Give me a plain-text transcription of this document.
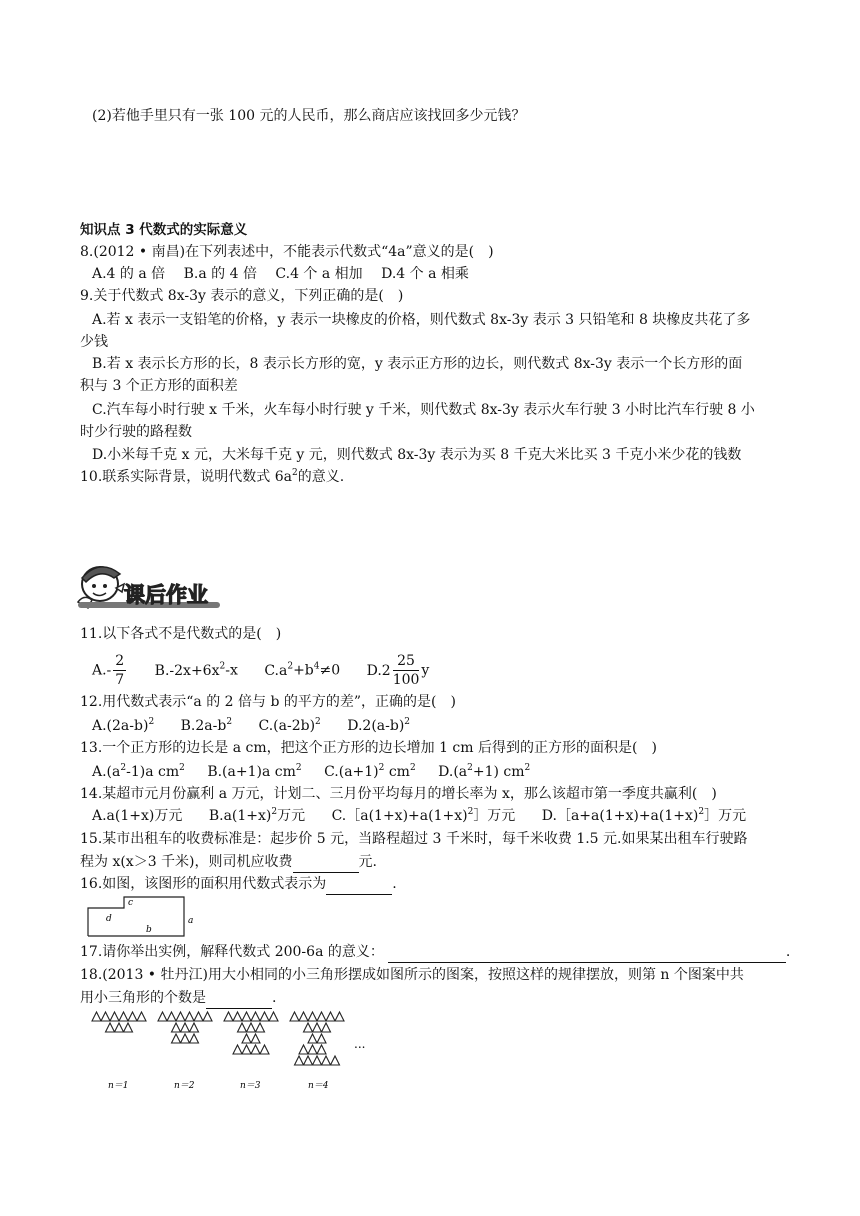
(2)若他手里只有一张 100 元的人民币，那么商店应该找回多少元钱？
知识点 3 代数式的实际意义
8.(2012 • 南昌)在下列表述中，不能表示代数式“4a”意义的是(　)
A.4 的 a 倍　 B.a 的 4 倍　 C.4 个 a 相加　 D.4 个 a 相乘
9.关于代数式 8x-3y 表示的意义，下列正确的是(　)
A.若 x 表示一支铅笔的价格，y 表示一块橡皮的价格，则代数式 8x-3y 表示 3 只铅笔和 8 块橡皮共花了多
少钱
B.若 x 表示长方形的长，8 表示长方形的宽，y 表示正方形的边长，则代数式 8x-3y 表示一个长方形的面
积与 3 个正方形的面积差
C.汽车每小时行驶 x 千米，火车每小时行驶 y 千米，则代数式 8x-3y 表示火车行驶 3 小时比汽车行驶 8 小
时少行驶的路程数
D.小米每千克 x 元，大米每千克 y 元，则代数式 8x-3y 表示为买 8 千克大米比买 3 千克小米少花的钱数
10.联系实际背景，说明代数式 $6a^2$的意义.
课后作业
11.以下各式不是代数式的是(　)
$A.- \frac{2}{7} B.-2x+6x^2-x$ $C.a^2+b^4\ne 0$ $D.2 \frac{25}{100}$ y
12.用代数式表示“a 的 2 倍与 b 的平方的差”，正确的是(　)
$A.(2a-b)^2$ $B.2a-b^2$ $C.(a-2b)^2$ $D.2(a-b)^2$
13.一个正方形的边长是 a cm，把这个正方形的边长增加 1 cm 后得到的正方形的面积是(　)
$A.(a^2-1)a$ $cm^2$ B.(a+1)a $cm^2$ $C.(a+1)^2$ $cm^2$ $D.(a^2+1)$ $cm^2$
14.某超市元月份赢利 a 万元，计划二、三月份平均每月的增长率为 x，那么该超市第一季度共赢利(　)
A.a(1+x)万元 $B.a(1+x)^2$万元 $C.[a(1+x)+a(1+x)^2]$万元 $D.[a+a(1+x)+a(1+x)^2]$万元
15.某市出租车的收费标准是：起步价 5 元，当路程超过 3 千米时，每千米收费 1.5 元.如果某出租车行驶路
程为 x(x＞3 千米)，则司机应收费	元.
16.如图，该图形的面积用代数式表示为	.
c
d
b
a
17.请你举出实例，解释代数式 200-6a 的意义：	.
18.(2013 • 牡丹江)用大小相同的小三角形摆成如图所示的图案，按照这样的规律摆放，则第 n 个图案中共
用小三角形的个数是	.
...
n＝1	n＝2	n＝3	n＝4
